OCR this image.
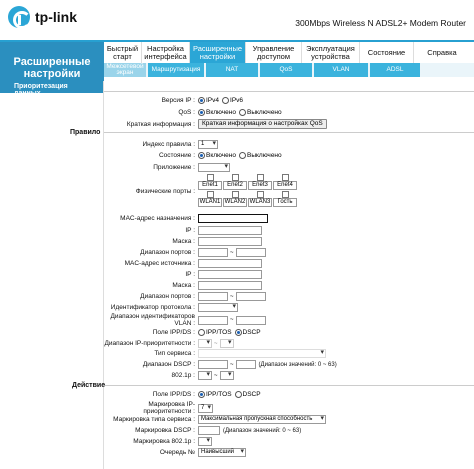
tp-link	300Mbps Wireless N ADSL2+ Modem Router
Расширенные
настройки
Быстрый старт
Настройка интерфейса
Расширенные настройки
Управление доступом
Эксплуатация устройства	Состояние	Справка
Межсетевой экран	Маршрутизация	NAT	QoS	VLAN	ADSL
Приоритезация данных
Версия IP :	IPv4 IPv6
QoS :	Включено Выключено
Краткая информация :	Краткая информация о настройках QoS
Правило
Индекс правила :	1 ▾
Состояние :	Включено Выключено
Приложение :
▾
Физические порты :
Enet1	Enet2	Enet3	Enet4
WLAN1 WLAN2 WLAN3	Гость
MAC-адрес назначения :
IP :
Маска :
Диапазон портов :	~
MAC-адрес источника :
IP :
Маска :
Диапазон портов :	~
Идентификатор протокола :
▾
Диапазон идентификаторов VLAN :	~
Поле IPP/DS :	IPP/TOS DSCP
Диапазон IP-приоритетности : ▾	~
▾
Тип сервиса :
▾
Диапазон DSCP :	~	(Диапазон значений: 0 ~ 63)
802.1p : ▾	~
▾
Действие
Поле IPP/DS :	IPP/TOS DSCP
Маркировка IP-приоритетности :
7 ▾
Маркировка типа сервиса :	Максимальная пропускная способность ▾
Маркировка DSCP :	(Диапазон значений: 0 ~ 63)
Маркировка 802.1p :
▾
Очередь №	Наивысший ▾
